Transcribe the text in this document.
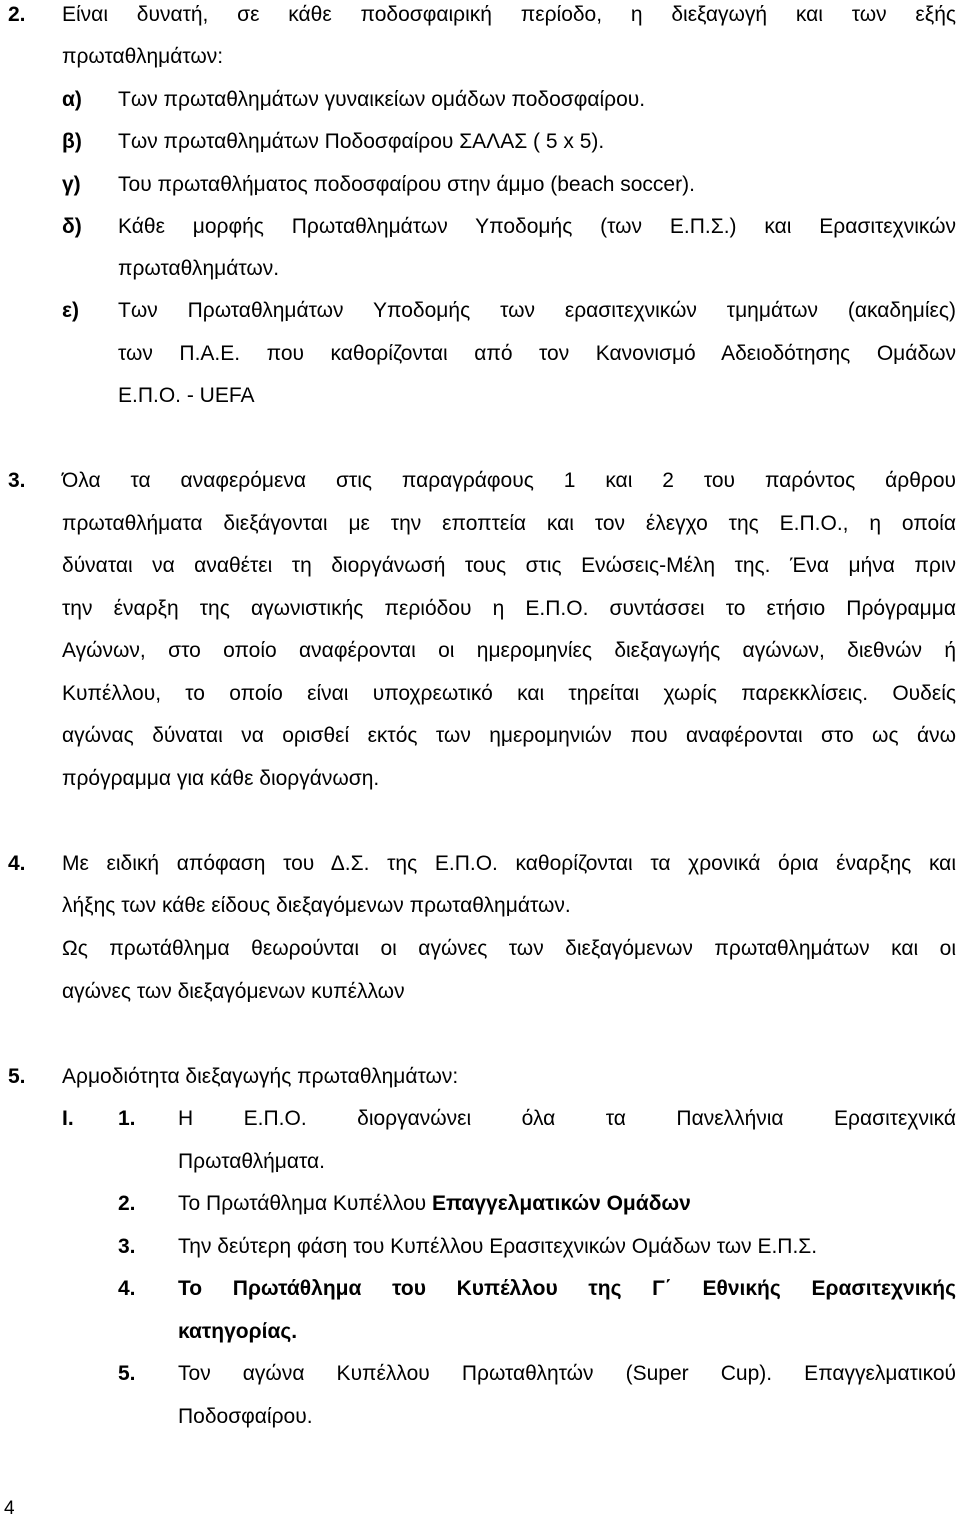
2. Είναι δυνατή, σε κάθε ποδοσφαιρική περίοδο, η διεξαγωγή και των εξής
πρωταθλημάτων:
α) Των πρωταθλημάτων γυναικείων ομάδων ποδοσφαίρου.
β) Των πρωταθλημάτων Ποδοσφαίρου ΣΑΛΑΣ ( 5 x 5).
γ) Του πρωταθλήματος ποδοσφαίρου στην άμμο (beach soccer).
δ) Κάθε μορφής Πρωταθλημάτων Υποδομής (των Ε.Π.Σ.) και Ερασιτεχνικών
πρωταθλημάτων.
ε) Των Πρωταθλημάτων Υποδομής των ερασιτεχνικών τμημάτων (ακαδημίες)
των Π.Α.Ε. που καθορίζονται από τον Κανονισμό Αδειοδότησης Ομάδων
Ε.Π.Ο. - UEFA
3. Όλα τα αναφερόμενα στις παραγράφους 1 και 2 του παρόντος άρθρου
πρωταθλήματα διεξάγονται με την εποπτεία και τον έλεγχο της Ε.Π.Ο., η οποία
δύναται να αναθέτει τη διοργάνωσή τους στις Ενώσεις-Μέλη της. Ένα μήνα πριν
την έναρξη της αγωνιστικής περιόδου η Ε.Π.Ο. συντάσσει το ετήσιο Πρόγραμμα
Αγώνων, στο οποίο αναφέρονται οι ημερομηνίες διεξαγωγής αγώνων, διεθνών ή
Κυπέλλου, το οποίο είναι υποχρεωτικό και τηρείται χωρίς παρεκκλίσεις. Ουδείς
αγώνας δύναται να ορισθεί εκτός των ημερομηνιών που αναφέρονται στο ως άνω
πρόγραμμα για κάθε διοργάνωση.
4. Με ειδική απόφαση του Δ.Σ. της Ε.Π.Ο. καθορίζονται τα χρονικά όρια έναρξης και
λήξης των κάθε είδους διεξαγόμενων πρωταθλημάτων.
Ως πρωτάθλημα θεωρούνται οι αγώνες των διεξαγόμενων πρωταθλημάτων και οι
αγώνες των διεξαγόμενων κυπέλλων
5. Αρμοδιότητα διεξαγωγής πρωταθλημάτων:
I. 1. Η Ε.Π.Ο. διοργανώνει όλα τα Πανελλήνια Ερασιτεχνικά
Πρωταθλήματα.
2. Το Πρωτάθλημα Κυπέλλου Επαγγελματικών Ομάδων
3. Την δεύτερη φάση του Κυπέλλου Ερασιτεχνικών Ομάδων των Ε.Π.Σ.
4. Το Πρωτάθλημα του Κυπέλλου της Γ΄ Εθνικής Ερασιτεχνικής
κατηγορίας.
5. Τον αγώνα Κυπέλλου Πρωταθλητών (Super Cup). Επαγγελματικού
Ποδοσφαίρου.
4
